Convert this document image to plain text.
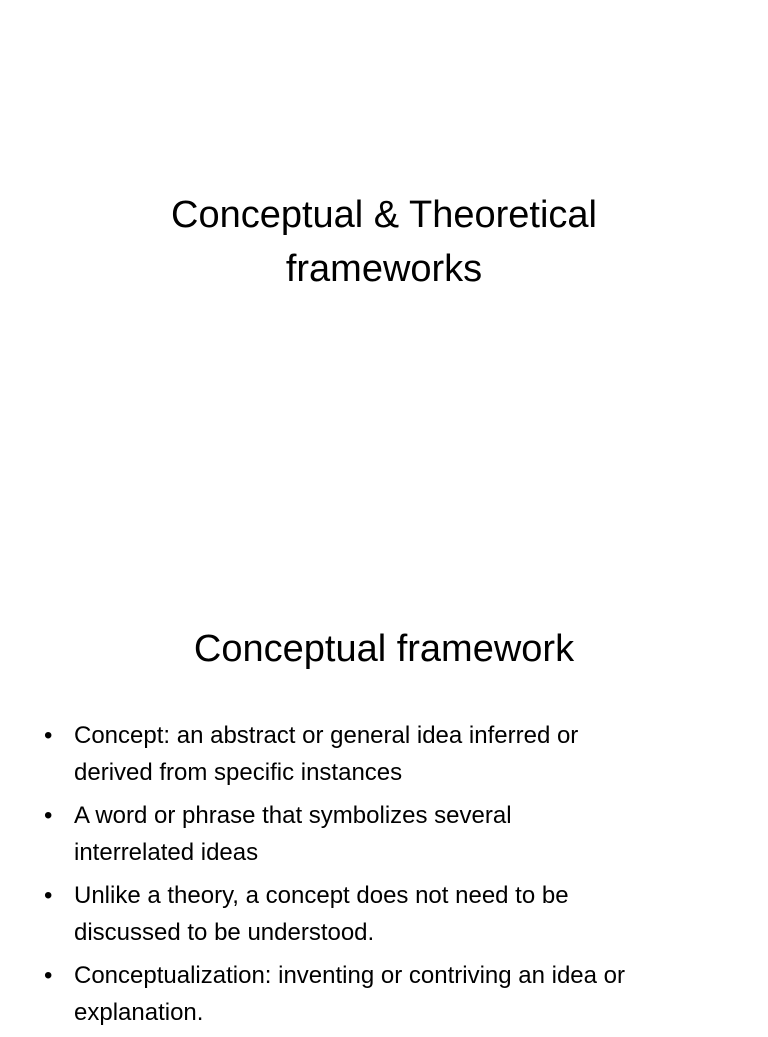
Conceptual & Theoretical
frameworks
Conceptual framework
• Concept: an abstract or general idea inferred or
derived from specific instances
• A word or phrase that symbolizes several
interrelated ideas
• Unlike a theory, a concept does not need to be
discussed to be understood.
• Conceptualization: inventing or contriving an idea or
explanation.
